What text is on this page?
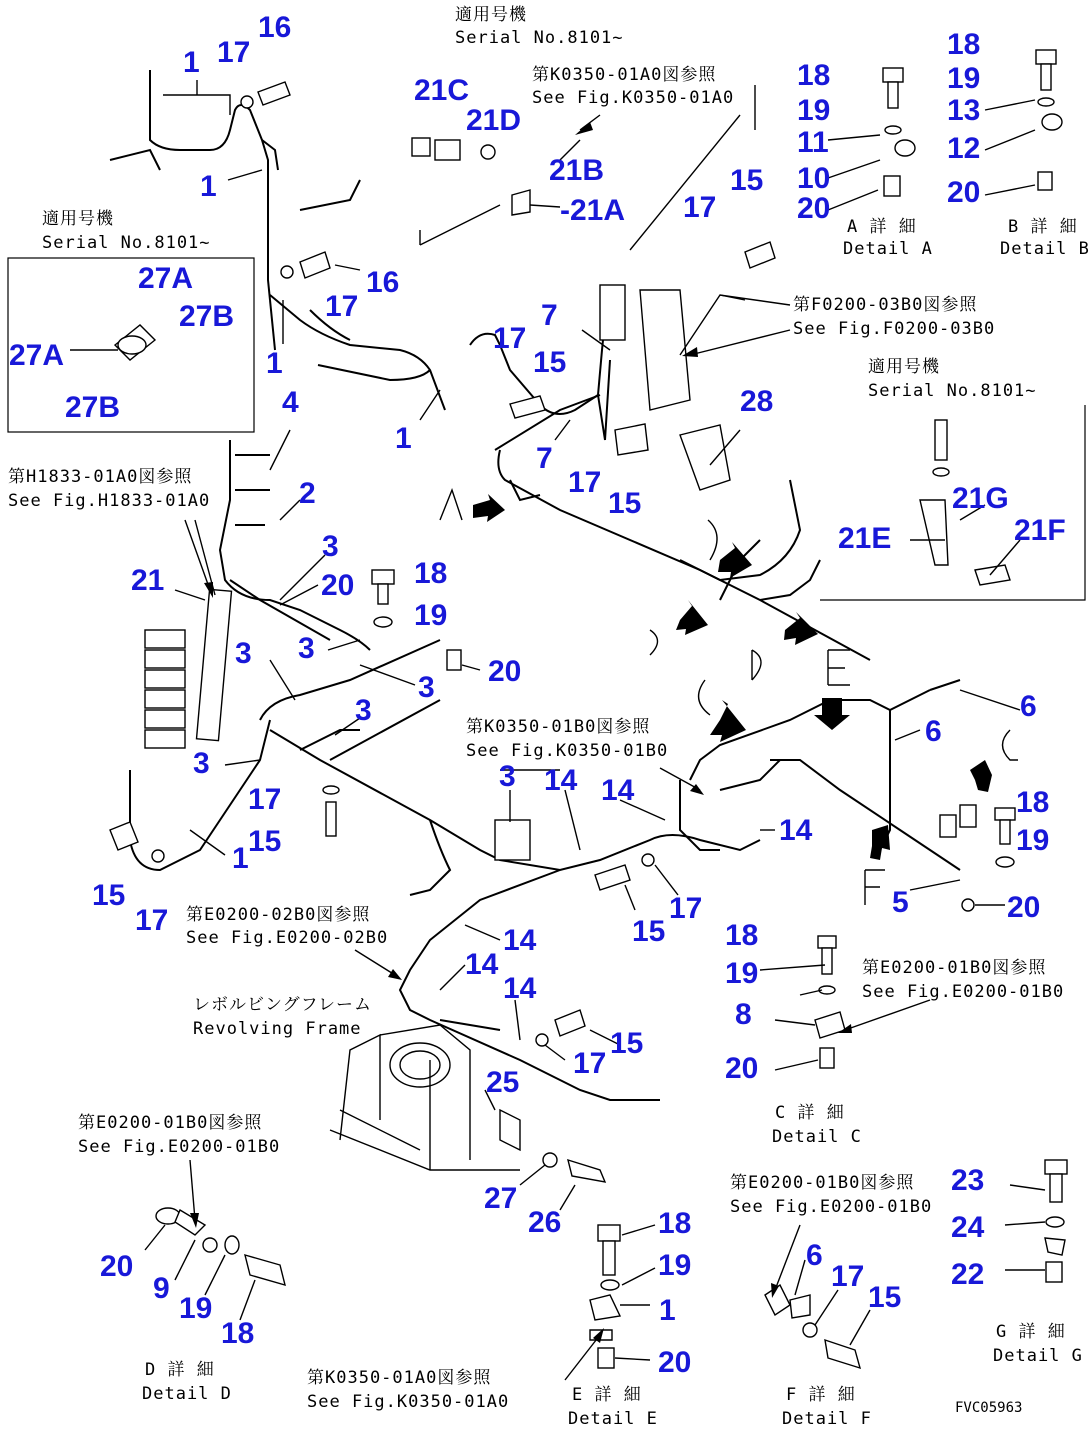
1 17
16
1
16
17
1
1
27A
27B
27A
27B
21C
21D
21B
-21A
18
19
11
10
20
18
19
13
12
20
15
17
7
17
15
7
17
15
28
21G
21E	21F
4
2
3
20 18
19
21
3 3
20
3
3
3
17
15
1
15
17
3 14 14
14
6
6
18
19
5	20
15
17
14
14
14
15
17
18
19
8
20
25
27
26
20
9
19
18
18
19
1
20
23
24
22
6
17
15
適用号機
Serial No.8101~
第K0350-01A0図参照
See Fig.K0350-01A0
適用号機
Serial No.8101~
A 詳 細
Detail A
B 詳 細
Detail B
第F0200-03B0図参照
See Fig.F0200-03B0
適用号機
Serial No.8101~
第H1833-01A0図参照
See Fig.H1833-01A0
第K0350-01B0図参照
See Fig.K0350-01B0
第E0200-02B0図参照
See Fig.E0200-02B0
第E0200-01B0図参照
See Fig.E0200-01B0
レボルビングフレーム
Revolving Frame
C 詳 細
Detail C
第E0200-01B0図参照
See Fig.E0200-01B0
第E0200-01B0図参照
See Fig.E0200-01B0
G 詳 細
Detail G
D 詳 細
Detail D
第K0350-01A0図参照
See Fig.K0350-01A0	E 詳 細
Detail E
F 詳 細
Detail F
FVC05963
